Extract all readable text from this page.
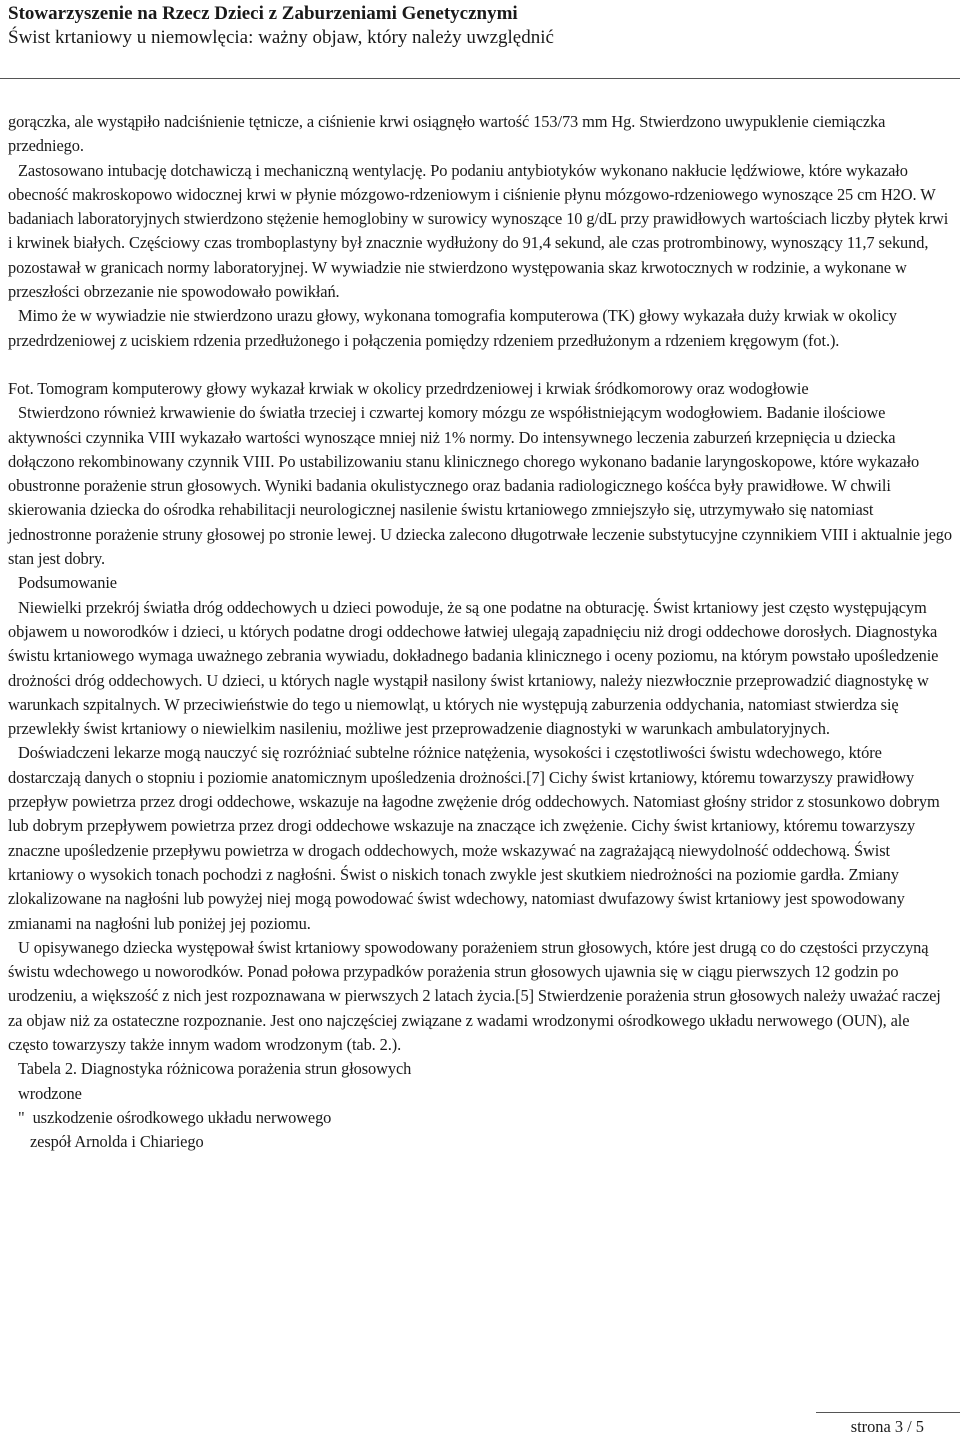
Stowarzyszenie na Rzecz Dzieci z Zaburzeniami Genetycznymi
Świst krtaniowy u niemowlęcia: ważny objaw, który należy uwzględnić

gorączka, ale wystąpiło nadciśnienie tętnicze, a ciśnienie krwi osiągnęło wartość 153/73 mm Hg. Stwierdzono uwypuklenie ciemiączka przedniego.

Zastosowano intubację dotchawiczą i mechaniczną wentylację. Po podaniu antybiotyków wykonano nakłucie lędźwiowe, które wykazało obecność makroskopowo widocznej krwi w płynie mózgowo-rdzeniowym i ciśnienie płynu mózgowo-rdzeniowego wynoszące 25 cm H2O. W badaniach laboratoryjnych stwierdzono stężenie hemoglobiny w surowicy wynoszące 10 g/dL przy prawidłowych wartościach liczby płytek krwi i krwinek białych. Częściowy czas tromboplastyny był znacznie wydłużony do 91,4 sekund, ale czas protrombinowy, wynoszący 11,7 sekund, pozostawał w granicach normy laboratoryjnej. W wywiadzie nie stwierdzono występowania skaz krwotocznych w rodzinie, a wykonane w przeszłości obrzezanie nie spowodowało powikłań.

Mimo że w wywiadzie nie stwierdzono urazu głowy, wykonana tomografia komputerowa (TK) głowy wykazała duży krwiak w okolicy przedrdzeniowej z uciskiem rdzenia przedłużonego i połączenia pomiędzy rdzeniem przedłużonym a rdzeniem kręgowym (fot.).

Fot. Tomogram komputerowy głowy wykazał krwiak w okolicy przedrdzeniowej i krwiak śródkomorowy oraz wodogłowie

Stwierdzono również krwawienie do światła trzeciej i czwartej komory mózgu ze współistniejącym wodogłowiem. Badanie ilościowe aktywności czynnika VIII wykazało wartości wynoszące mniej niż 1% normy. Do intensywnego leczenia zaburzeń krzepnięcia u dziecka dołączono rekombinowany czynnik VIII. Po ustabilizowaniu stanu klinicznego chorego wykonano badanie laryngoskopowe, które wykazało obustronne porażenie strun głosowych. Wyniki badania okulistycznego oraz badania radiologicznego kośćca były prawidłowe. W chwili skierowania dziecka do ośrodka rehabilitacji neurologicznej nasilenie świstu krtaniowego zmniejszyło się, utrzymywało się natomiast jednostronne porażenie struny głosowej po stronie lewej. U dziecka zalecono długotrwałe leczenie substytucyjne czynnikiem VIII i aktualnie jego stan jest dobry.

Podsumowanie

Niewielki przekrój światła dróg oddechowych u dzieci powoduje, że są one podatne na obturację. Świst krtaniowy jest często występującym objawem u noworodków i dzieci, u których podatne drogi oddechowe łatwiej ulegają zapadnięciu niż drogi oddechowe dorosłych. Diagnostyka świstu krtaniowego wymaga uważnego zebrania wywiadu, dokładnego badania klinicznego i oceny poziomu, na którym powstało upośledzenie drożności dróg oddechowych. U dzieci, u których nagle wystąpił nasilony świst krtaniowy, należy niezwłocznie przeprowadzić diagnostykę w warunkach szpitalnych. W przeciwieństwie do tego u niemowląt, u których nie występują zaburzenia oddychania, natomiast stwierdza się przewlekły świst krtaniowy o niewielkim nasileniu, możliwe jest przeprowadzenie diagnostyki w warunkach ambulatoryjnych.

Doświadczeni lekarze mogą nauczyć się rozróżniać subtelne różnice natężenia, wysokości i częstotliwości świstu wdechowego, które dostarczają danych o stopniu i poziomie anatomicznym upośledzenia drożności.[7] Cichy świst krtaniowy, któremu towarzyszy prawidłowy przepływ powietrza przez drogi oddechowe, wskazuje na łagodne zwężenie dróg oddechowych. Natomiast głośny stridor z stosunkowo dobrym lub dobrym przepływem powietrza przez drogi oddechowe wskazuje na znaczące ich zwężenie. Cichy świst krtaniowy, któremu towarzyszy znaczne upośledzenie przepływu powietrza w drogach oddechowych, może wskazywać na zagrażającą niewydolność oddechową. Świst krtaniowy o wysokich tonach pochodzi z nagłośni. Świst o niskich tonach zwykle jest skutkiem niedrożności na poziomie gardła. Zmiany zlokalizowane na nagłośni lub powyżej niej mogą powodować świst wdechowy, natomiast dwufazowy świst krtaniowy jest spowodowany zmianami na nagłośni lub poniżej jej poziomu.

U opisywanego dziecka występował świst krtaniowy spowodowany porażeniem strun głosowych, które jest drugą co do częstości przyczyną świstu wdechowego u noworodków. Ponad połowa przypadków porażenia strun głosowych ujawnia się w ciągu pierwszych 12 godzin po urodzeniu, a większość z nich jest rozpoznawana w pierwszych 2 latach życia.[5] Stwierdzenie porażenia strun głosowych należy uważać raczej za objaw niż za ostateczne rozpoznanie. Jest ono najczęściej związane z wadami wrodzonymi ośrodkowego układu nerwowego (OUN), ale często towarzyszy także innym wadom wrodzonym (tab. 2.).

Tabela 2. Diagnostyka różnicowa porażenia strun głosowych
wrodzone
"  uszkodzenie ośrodkowego układu nerwowego
zespół Arnolda i Chiariego
strona 3 / 5
